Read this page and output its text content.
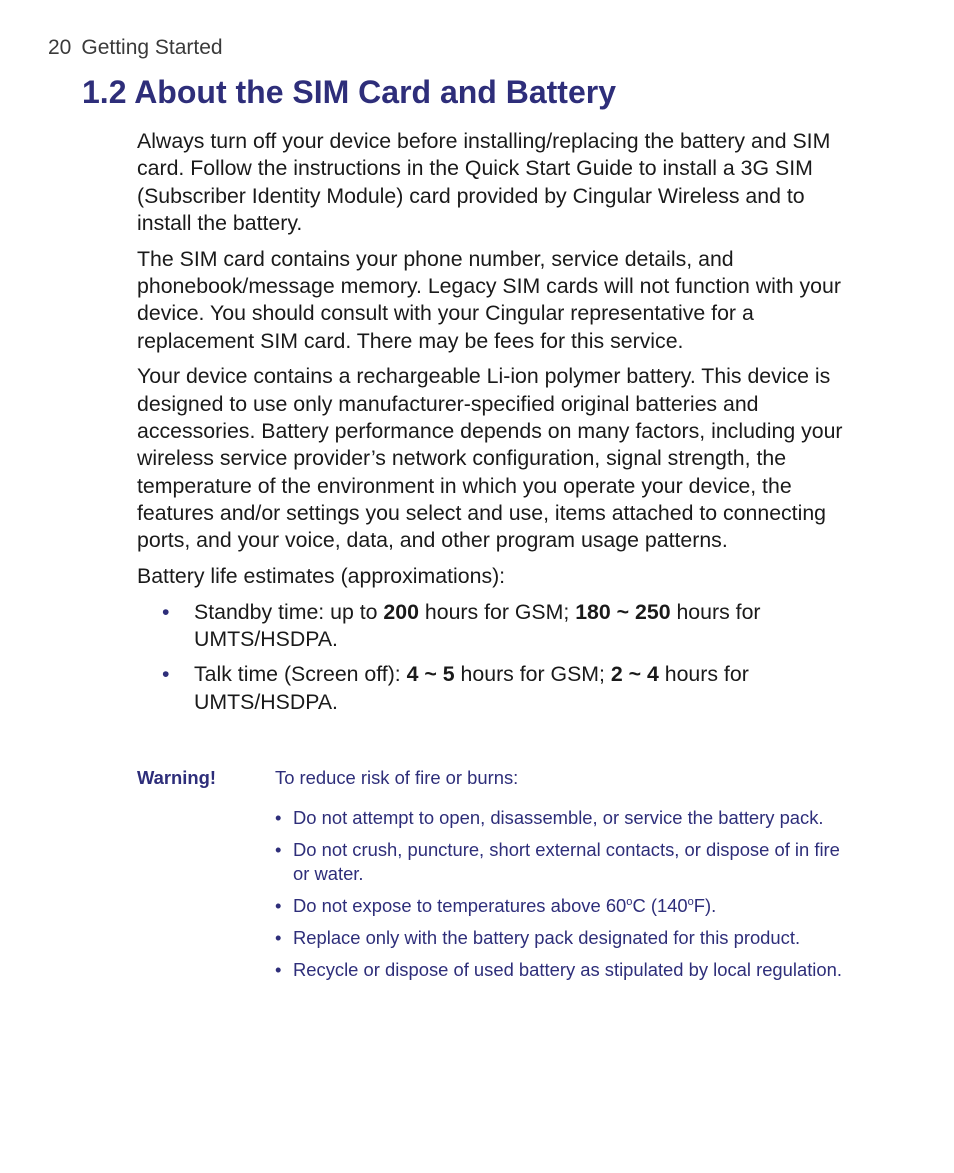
20 Getting Started
1.2 About the SIM Card and Battery

Always turn off your device before installing/replacing the battery and SIM card. Follow the instructions in the Quick Start Guide to install a 3G SIM (Subscriber Identity Module) card provided by Cingular Wireless and to install the battery.

The SIM card contains your phone number, service details, and phonebook/message memory. Legacy SIM cards will not function with your device. You should consult with your Cingular representative for a replacement SIM card. There may be fees for this service.

Your device contains a rechargeable Li-ion polymer battery. This device is designed to use only manufacturer-specified original batteries and accessories. Battery performance depends on many factors, including your wireless service provider’s network configuration, signal strength, the temperature of the environment in which you operate your device, the features and/or settings you select and use, items attached to connecting ports, and your voice, data, and other program usage patterns.

Battery life estimates (approximations):

• Standby time: up to 200 hours for GSM; 180 ~ 250 hours for UMTS/HSDPA.
• Talk time (Screen off): 4 ~ 5 hours for GSM; 2 ~ 4 hours for UMTS/HSDPA.
Warning!	To reduce risk of fire or burns:

• Do not attempt to open, disassemble, or service the battery pack.
• Do not crush, puncture, short external contacts, or dispose of in fire or water.
• Do not expose to temperatures above 60$^o$C (140$^o$F).
• Replace only with the battery pack designated for this product.
• Recycle or dispose of used battery as stipulated by local regulation.
